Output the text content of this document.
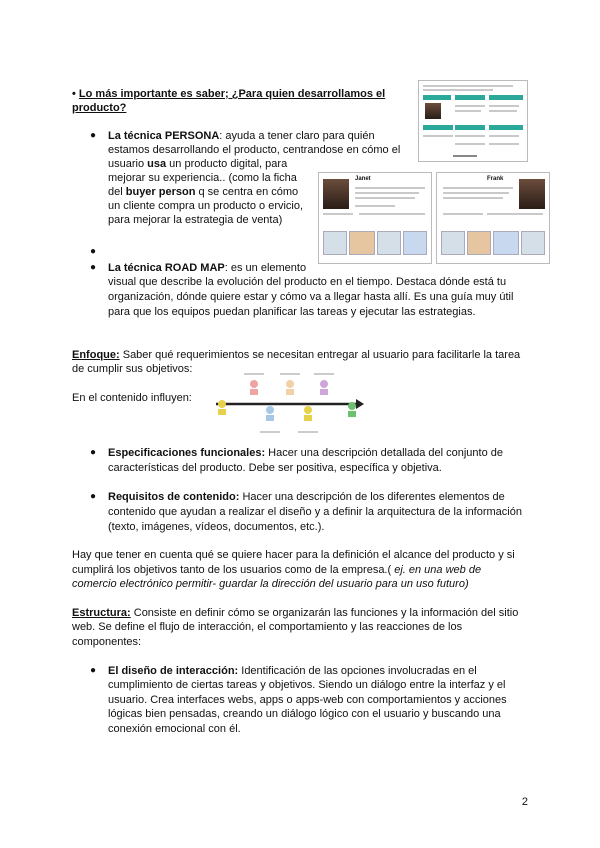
• Lo más importante es saber; ¿Para quien desarrollamos el
producto?
● La técnica PERSONA: ayuda a tener claro para quién
estamos desarrollando el producto, centrandose en cómo el
usuario usa un producto digital, para
mejorar su experiencia.. (como la ficha
del buyer person q se centra en cómo
un cliente compra un producto o ervicio,
para mejorar la estrategia de venta)
Janet	Frank
●
● La técnica ROAD MAP: es un elemento
visual que describe la evolución del producto en el tiempo. Destaca dónde está tu
organización, dónde quiere estar y cómo va a llegar hasta allí. Es una guía muy útil
para que los equipos puedan planificar las tareas y ejecutar las estrategias.
Enfoque: Saber qué requerimientos se necesitan entregar al usuario para facilitarle la tarea
de cumplir sus objetivos:
En el contenido influyen:
● Especificaciones funcionales: Hacer una descripción detallada del conjunto de
características del producto. Debe ser positiva, específica y objetiva.
● Requisitos de contenido: Hacer una descripción de los diferentes elementos de
contenido que ayudan a realizar el diseño y a definir la arquitectura de la información
(texto, imágenes, vídeos, documentos, etc.).
Hay que tener en cuenta qué se quiere hacer para la definición el alcance del producto y si
cumplirá los objetivos tanto de los usuarios como de la empresa.( ej. en una web de
comercio electrónico permitir- guardar la dirección del usuario para un uso futuro)
Estructura: Consiste en definir cómo se organizarán las funciones y la información del sitio
web. Se define el flujo de interacción, el comportamiento y las reacciones de los
componentes:
● El diseño de interacción: Identificación de las opciones involucradas en el
cumplimiento de ciertas tareas y objetivos. Siendo un diálogo entre la interfaz y el
usuario. Crea interfaces webs, apps o apps-web con comportamientos y acciones
lógicas bien pensadas, creando un diálogo lógico con el usuario y buscando una
conexión emocional con él.
2
